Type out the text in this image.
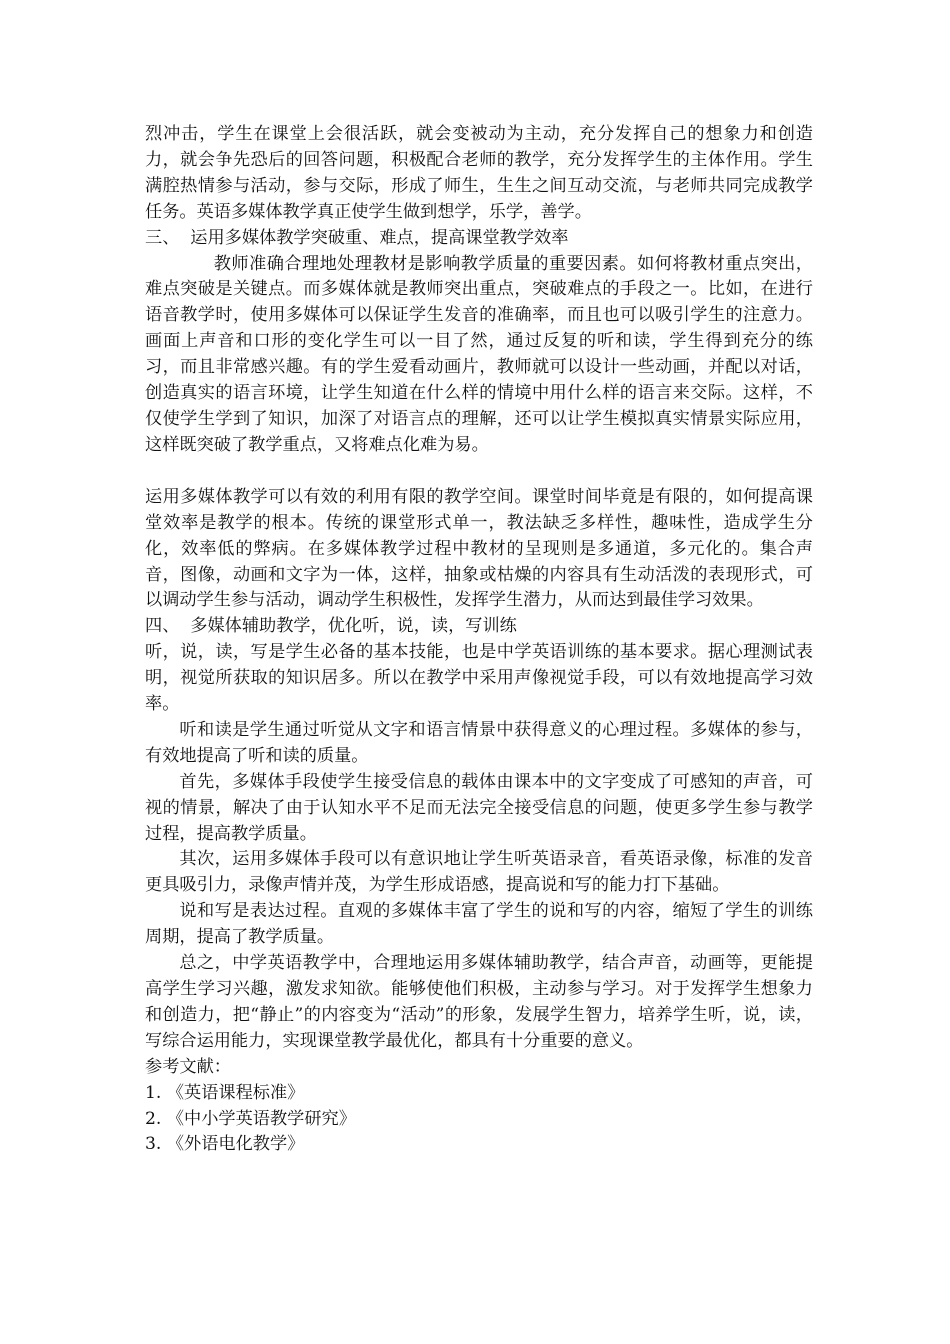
烈冲击，学生在课堂上会很活跃，就会变被动为主动，充分发挥自己的想象力和创造力，就会争先恐后的回答问题，积极配合老师的教学，充分发挥学生的主体作用。学生满腔热情参与活动，参与交际，形成了师生，生生之间互动交流，与老师共同完成教学任务。英语多媒体教学真正使学生做到想学，乐学，善学。

三、  运用多媒体教学突破重、难点，提高课堂教学效率

教师准确合理地处理教材是影响教学质量的重要因素。如何将教材重点突出，难点突破是关键点。而多媒体就是教师突出重点，突破难点的手段之一。比如，在进行语音教学时，使用多媒体可以保证学生发音的准确率，而且也可以吸引学生的注意力。画面上声音和口形的变化学生可以一目了然，通过反复的听和读，学生得到充分的练习，而且非常感兴趣。有的学生爱看动画片，教师就可以设计一些动画，并配以对话，创造真实的语言环境，让学生知道在什么样的情境中用什么样的语言来交际。这样，不仅使学生学到了知识，加深了对语言点的理解，还可以让学生模拟真实情景实际应用，这样既突破了教学重点，又将难点化难为易。

运用多媒体教学可以有效的利用有限的教学空间。课堂时间毕竟是有限的，如何提高课堂效率是教学的根本。传统的课堂形式单一，教法缺乏多样性，趣味性，造成学生分化，效率低的弊病。在多媒体教学过程中教材的呈现则是多通道，多元化的。集合声音，图像，动画和文字为一体，这样，抽象或枯燥的内容具有生动活泼的表现形式，可以调动学生参与活动，调动学生积极性，发挥学生潜力，从而达到最佳学习效果。

四、  多媒体辅助教学，优化听，说，读，写训练

听，说，读，写是学生必备的基本技能，也是中学英语训练的基本要求。据心理测试表明，视觉所获取的知识居多。所以在教学中采用声像视觉手段，可以有效地提高学习效率。

听和读是学生通过听觉从文字和语言情景中获得意义的心理过程。多媒体的参与，有效地提高了听和读的质量。

首先，多媒体手段使学生接受信息的载体由课本中的文字变成了可感知的声音，可视的情景，解决了由于认知水平不足而无法完全接受信息的问题，使更多学生参与教学过程，提高教学质量。

其次，运用多媒体手段可以有意识地让学生听英语录音，看英语录像，标准的发音更具吸引力，录像声情并茂，为学生形成语感，提高说和写的能力打下基础。

说和写是表达过程。直观的多媒体丰富了学生的说和写的内容，缩短了学生的训练周期，提高了教学质量。

总之，中学英语教学中，合理地运用多媒体辅助教学，结合声音，动画等，更能提高学生学习兴趣，激发求知欲。能够使他们积极，主动参与学习。对于发挥学生想象力和创造力，把“静止”的内容变为“活动”的形象，发展学生智力，培养学生听，说，读，写综合运用能力，实现课堂教学最优化，都具有十分重要的意义。

参考文献：

1. 《英语课程标准》

2. 《中小学英语教学研究》

3. 《外语电化教学》
